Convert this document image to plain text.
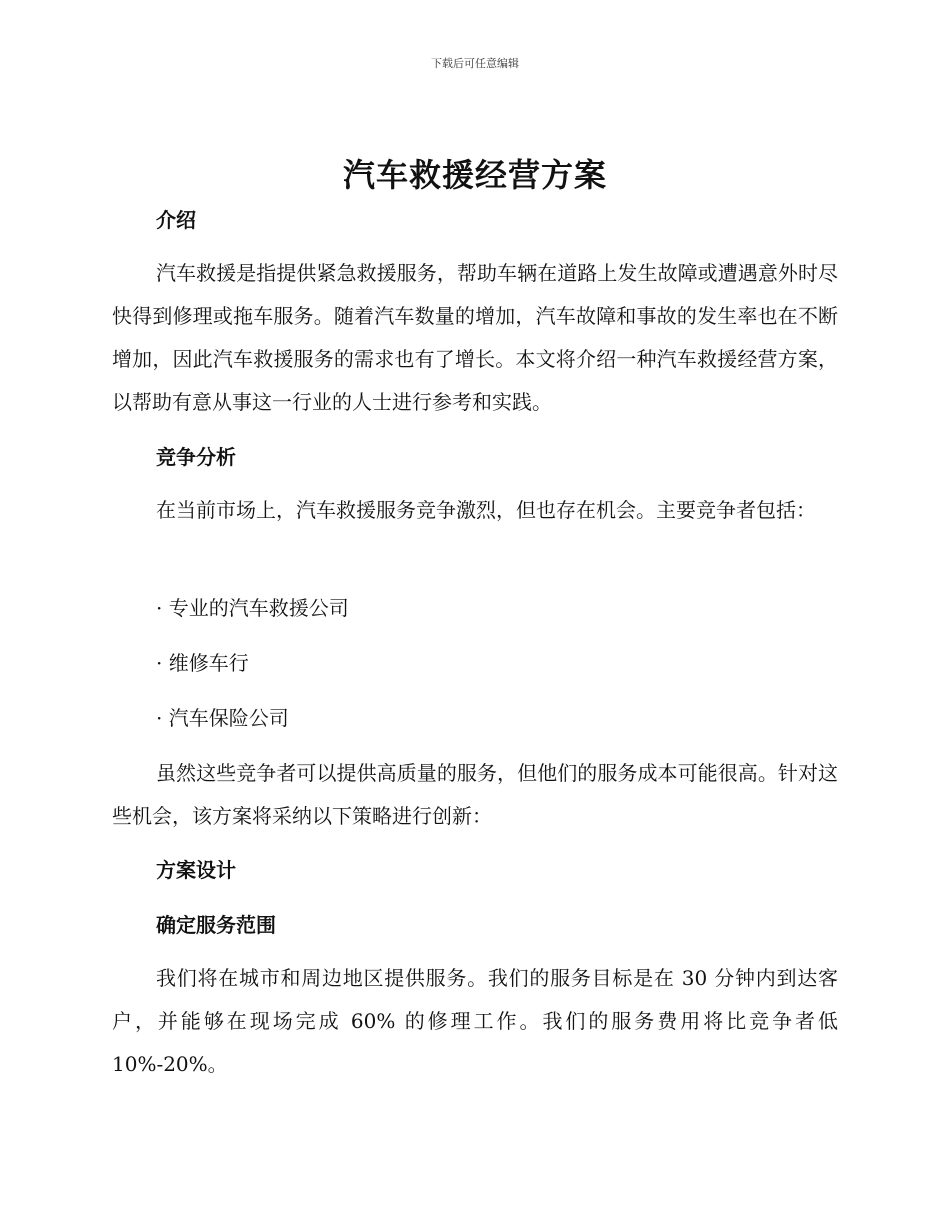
下载后可任意编辑
汽车救援经营方案
介绍

汽车救援是指提供紧急救援服务，帮助车辆在道路上发生故障或遭遇意外时尽快得到修理或拖车服务。随着汽车数量的增加，汽车故障和事故的发生率也在不断增加，因此汽车救援服务的需求也有了增长。本文将介绍一种汽车救援经营方案，以帮助有意从事这一行业的人士进行参考和实践。

竞争分析

在当前市场上，汽车救援服务竞争激烈，但也存在机会。主要竞争者包括：

· 专业的汽车救援公司
· 维修车行
· 汽车保险公司

虽然这些竞争者可以提供高质量的服务，但他们的服务成本可能很高。针对这些机会，该方案将采纳以下策略进行创新：

方案设计
确定服务范围

我们将在城市和周边地区提供服务。我们的服务目标是在 30 分钟内到达客户，并能够在现场完成 60% 的修理工作。我们的服务费用将比竞争者低 10%-20%。
